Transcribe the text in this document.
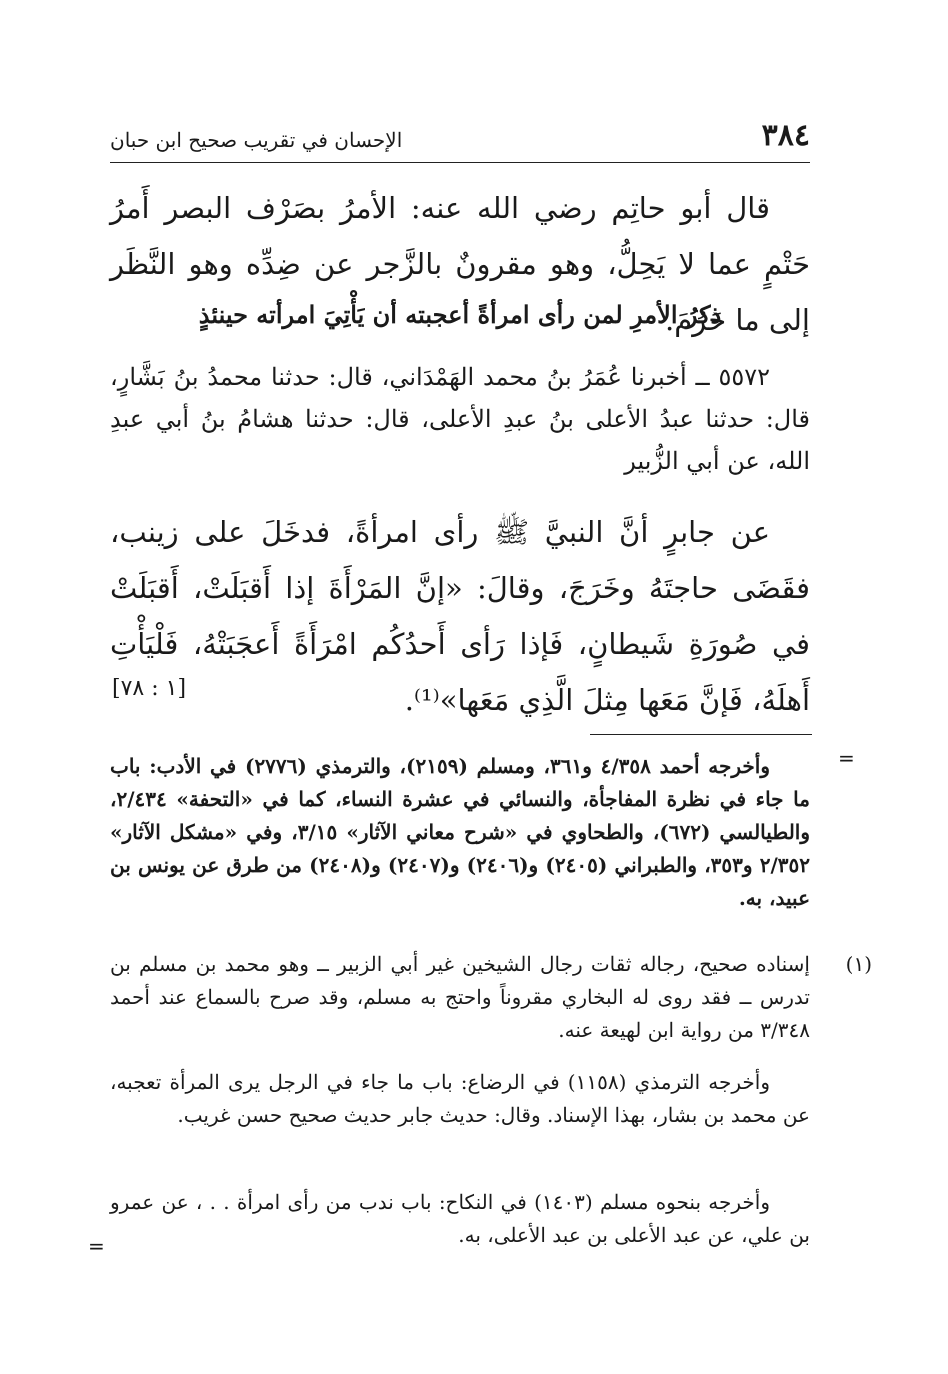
٣٨٤
الإحسان في تقريب صحيح ابن حبان
قال أبو حاتِم رضي الله عنه: الأمرُ بصَرْف البصر أَمرُ حَتْمٍ عما لا يَحِلُّ، وهو مقرونٌ بالزَّجر عن ضِدِّه وهو النَّظَر إلى ما حَرُمَ.
ذكرُ الأمرِ لمن رأى امرأةً أعجبته أن يَأْتِيَ امرأته حينئذٍ
٥٥٧٢ ــ أخبرنا عُمَرُ بنُ محمد الهَمْدَاني، قال: حدثنا محمدُ بنُ بَشَّارٍ، قال: حدثنا عبدُ الأعلى بنُ عبدِ الأعلى، قال: حدثنا هشامُ بنُ أبي عبدِ الله، عن أبي الزُّبير
عن جابرٍ أنَّ النبيَّ ﷺ رأى امرأةً، فدخَلَ على زينب، فقَضَى حاجتَهُ وخَرَجَ، وقالَ: «إنَّ المَرْأَةَ إذا أَقبَلَتْ، أَقبَلَتْ في صُورَةِ شَيطانٍ، فَإذا رَأى أَحدُكُم امْرَأَةً أَعجَبَتْهُ، فَلْيَأْتِ أَهلَهُ، فَإنَّ مَعَها مِثلَ الَّذِي مَعَها»⁽¹⁾.
[١ : ٧٨]
=
وأخرجه أحمد ٤/٣٥٨ و٣٦١، ومسلم (٢١٥٩)، والترمذي (٢٧٧٦) في الأدب: باب ما جاء في نظرة المفاجأة، والنسائي في عشرة النساء، كما في «التحفة» ٢/٤٣٤، والطيالسي (٦٧٢)، والطحاوي في «شرح معاني الآثار» ٣/١٥، وفي «مشكل الآثار» ٢/٣٥٢ و٣٥٣، والطبراني (٢٤٠٥) و(٢٤٠٦) و(٢٤٠٧) و(٢٤٠٨) من طرق عن يونس بن عبيد، به.
(١)
إسناده صحيح، رجاله ثقات رجال الشيخين غير أبي الزبير ــ وهو محمد بن مسلم بن تدرس ــ فقد روى له البخاري مقروناً واحتج به مسلم، وقد صرح بالسماع عند أحمد ٣/٣٤٨ من رواية ابن لهيعة عنه.
وأخرجه الترمذي (١١٥٨) في الرضاع: باب ما جاء في الرجل يرى المرأة تعجبه، عن محمد بن بشار، بهذا الإسناد. وقال: حديث جابر حديث صحيح حسن غريب.
وأخرجه بنحوه مسلم (١٤٠٣) في النكاح: باب ندب من رأى امرأة . . ، عن عمرو بن علي، عن عبد الأعلى بن عبد الأعلى، به.
=
